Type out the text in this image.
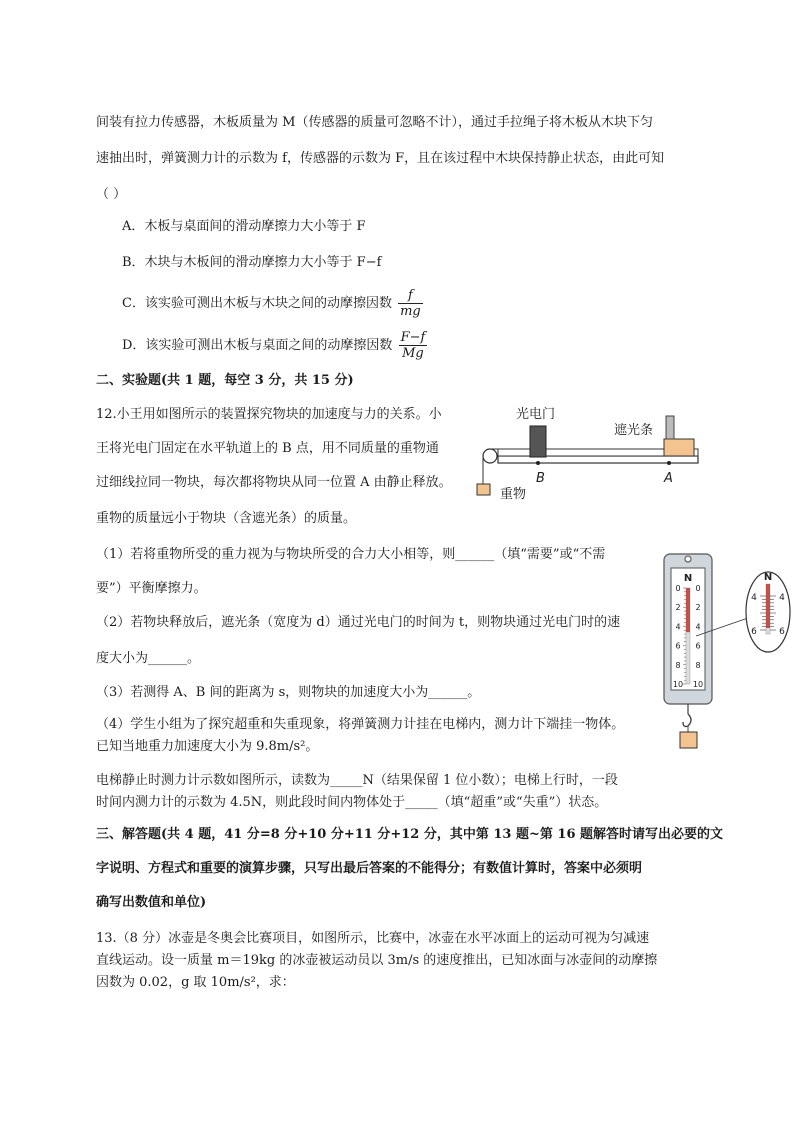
间装有拉力传感器，木板质量为 M（传感器的质量可忽略不计），通过手拉绳子将木板从木块下匀
速抽出时，弹簧测力计的示数为 f，传感器的示数为 F，且在该过程中木块保持静止状态，由此可知
（ ）
A．木板与桌面间的滑动摩擦力大小等于 F
B．木块与木板间的滑动摩擦力大小等于 F−f
C．该实验可测出木板与木块之间的动摩擦因数 $\frac{f}{mg}$
D．该实验可测出木板与桌面之间的动摩擦因数 $\frac{F-f}{Mg}$
二、实验题(共 1 题，每空 3 分，共 15 分)
12.小王用如图所示的装置探究物块的加速度与力的关系。小
王将光电门固定在水平轨道上的 B 点，用不同质量的重物通
过细线拉同一物块，每次都将物块从同一位置 A 由静止释放。
重物的质量远小于物块（含遮光条）的质量。
光电门
遮光条
B	A
重物
（1）若将重物所受的重力视为与物块所受的合力大小相等，则______（填“需要”或“不需
要”）平衡摩擦力。
（2）若物块释放后，遮光条（宽度为 d）通过光电门的时间为 t，则物块通过光电门时的速
度大小为______。
（3）若测得 A、B 间的距离为 s，则物块的加速度大小为______。
（4）学生小组为了探究超重和失重现象，将弹簧测力计挂在电梯内，测力计下端挂一物体。
已知当地重力加速度大小为 9.8m/s²。
电梯静止时测力计示数如图所示，读数为_____N（结果保留 1 位小数）；电梯上行时，一段
时间内测力计的示数为 4.5N，则此段时间内物体处于_____（填“超重”或“失重”）状态。
N
0 0
2 2
4 4
6 6
8 8
10 10
N
4 4
6 6
三、解答题(共 4 题，41 分=8 分+10 分+11 分+12 分，其中第 13 题~第 16 题解答时请写出必要的文
字说明、方程式和重要的演算步骤，只写出最后答案的不能得分；有数值计算时，答案中必须明
确写出数值和单位)
13.（8 分）冰壶是冬奥会比赛项目，如图所示，比赛中，冰壶在水平冰面上的运动可视为匀减速
直线运动。设一质量 m＝19kg 的冰壶被运动员以 3m/s 的速度推出，已知冰面与冰壶间的动摩擦
因数为 0.02，g 取 10m/s²，求：
